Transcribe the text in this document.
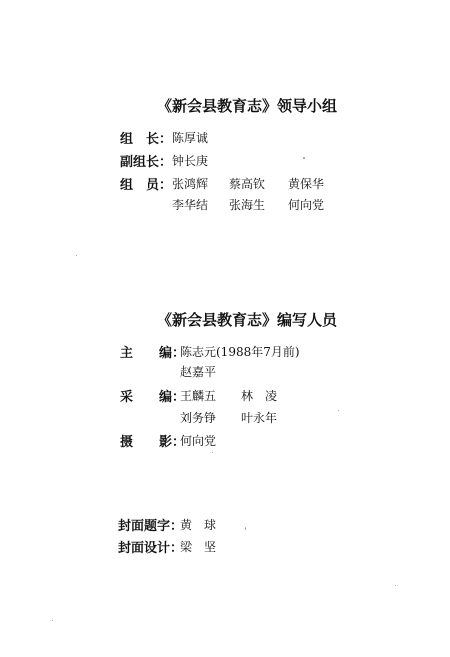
《新会县教育志》领导小组
组　长： 陈厚诚
副组长： 钟长庚
组　员： 张鸿辉 蔡高钦 黄保华
李华结 张海生 何向党
《新会县教育志》编写人员
主　　编：
陈志元(1988年7月前)
赵嘉平
采　　编：
王麟五 林　凌
刘务铮 叶永年
摄　　影：
何向党
封面题字：
黄　球
封面设计：
梁　坚
